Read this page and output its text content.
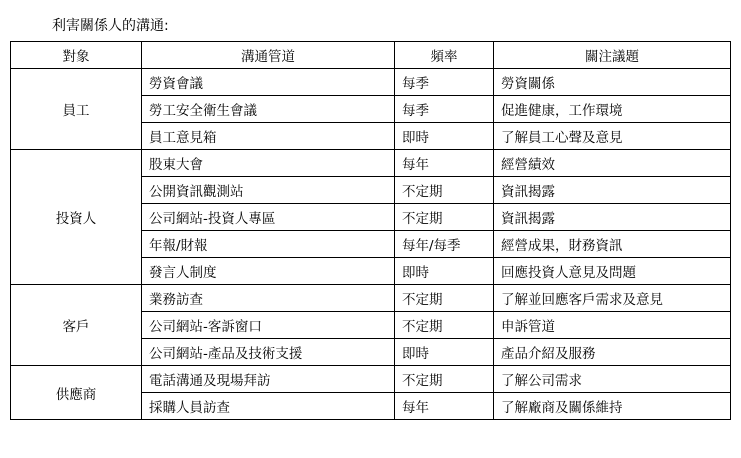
利害關係人的溝通:
對象	溝通管道	頻率	關注議題
員工	勞資會議	每季	勞資關係
	勞工安全衛生會議	每季	促進健康，工作環境
	員工意見箱	即時	了解員工心聲及意見
投資人	股東大會	每年	經營績效
	公開資訊觀測站	不定期	資訊揭露
	公司網站-投資人專區	不定期	資訊揭露
	年報/財報	每年/每季	經營成果，財務資訊
	發言人制度	即時	回應投資人意見及問題
客戶	業務訪查	不定期	了解並回應客戶需求及意見
	公司網站-客訴窗口	不定期	申訴管道
	公司網站-產品及技術支援	即時	產品介紹及服務
供應商	電話溝通及現場拜訪	不定期	了解公司需求
	採購人員訪查	每年	了解廠商及關係維持
